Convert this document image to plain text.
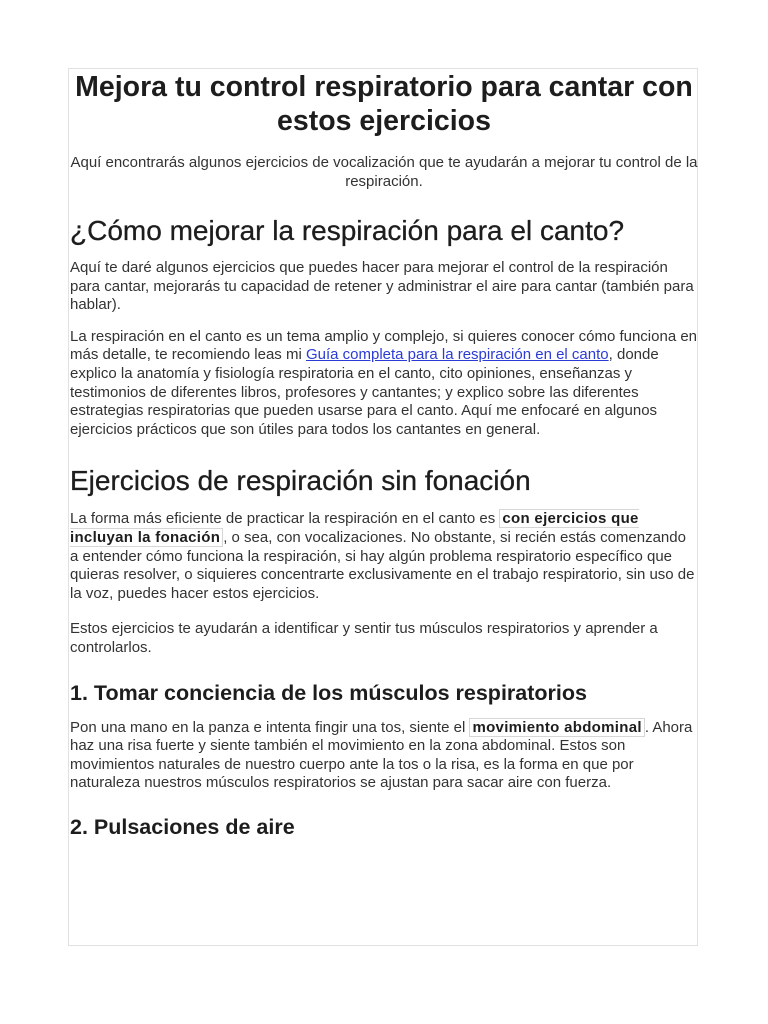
Mejora tu control respiratorio para cantar con estos ejercicios

Aquí encontrarás algunos ejercicios de vocalización que te ayudarán a mejorar tu control de la respiración.

¿Cómo mejorar la respiración para el canto?

Aquí te daré algunos ejercicios que puedes hacer para mejorar el control de la respiración para cantar, mejorarás tu capacidad de retener y administrar el aire para cantar (también para hablar).

La respiración en el canto es un tema amplio y complejo, si quieres conocer cómo funciona en más detalle, te recomiendo leas mi Guía completa para la respiración en el canto, donde explico la anatomía y fisiología respiratoria en el canto, cito opiniones, enseñanzas y testimonios de diferentes libros, profesores y cantantes; y explico sobre las diferentes estrategias respiratorias que pueden usarse para el canto. Aquí me enfocaré en algunos ejercicios prácticos que son útiles para todos los cantantes en general.

Ejercicios de respiración sin fonación

La forma más eficiente de practicar la respiración en el canto es con ejercicios que incluyan la fonación , o sea, con vocalizaciones. No obstante, si recién estás comenzando a entender cómo funciona la respiración, si hay algún problema respiratorio específico que quieras resolver, o siquieres concentrarte exclusivamente en el trabajo respiratorio, sin uso de la voz, puedes hacer estos ejercicios.

Estos ejercicios te ayudarán a identificar y sentir tus músculos respiratorios y aprender a controlarlos.

1. Tomar conciencia de los músculos respiratorios

Pon una mano en la panza e intenta fingir una tos, siente el movimiento abdominal . Ahora haz una risa fuerte y siente también el movimiento en la zona abdominal. Estos son movimientos naturales de nuestro cuerpo ante la tos o la risa, es la forma en que por naturaleza nuestros músculos respiratorios se ajustan para sacar aire con fuerza.

2. Pulsaciones de aire
